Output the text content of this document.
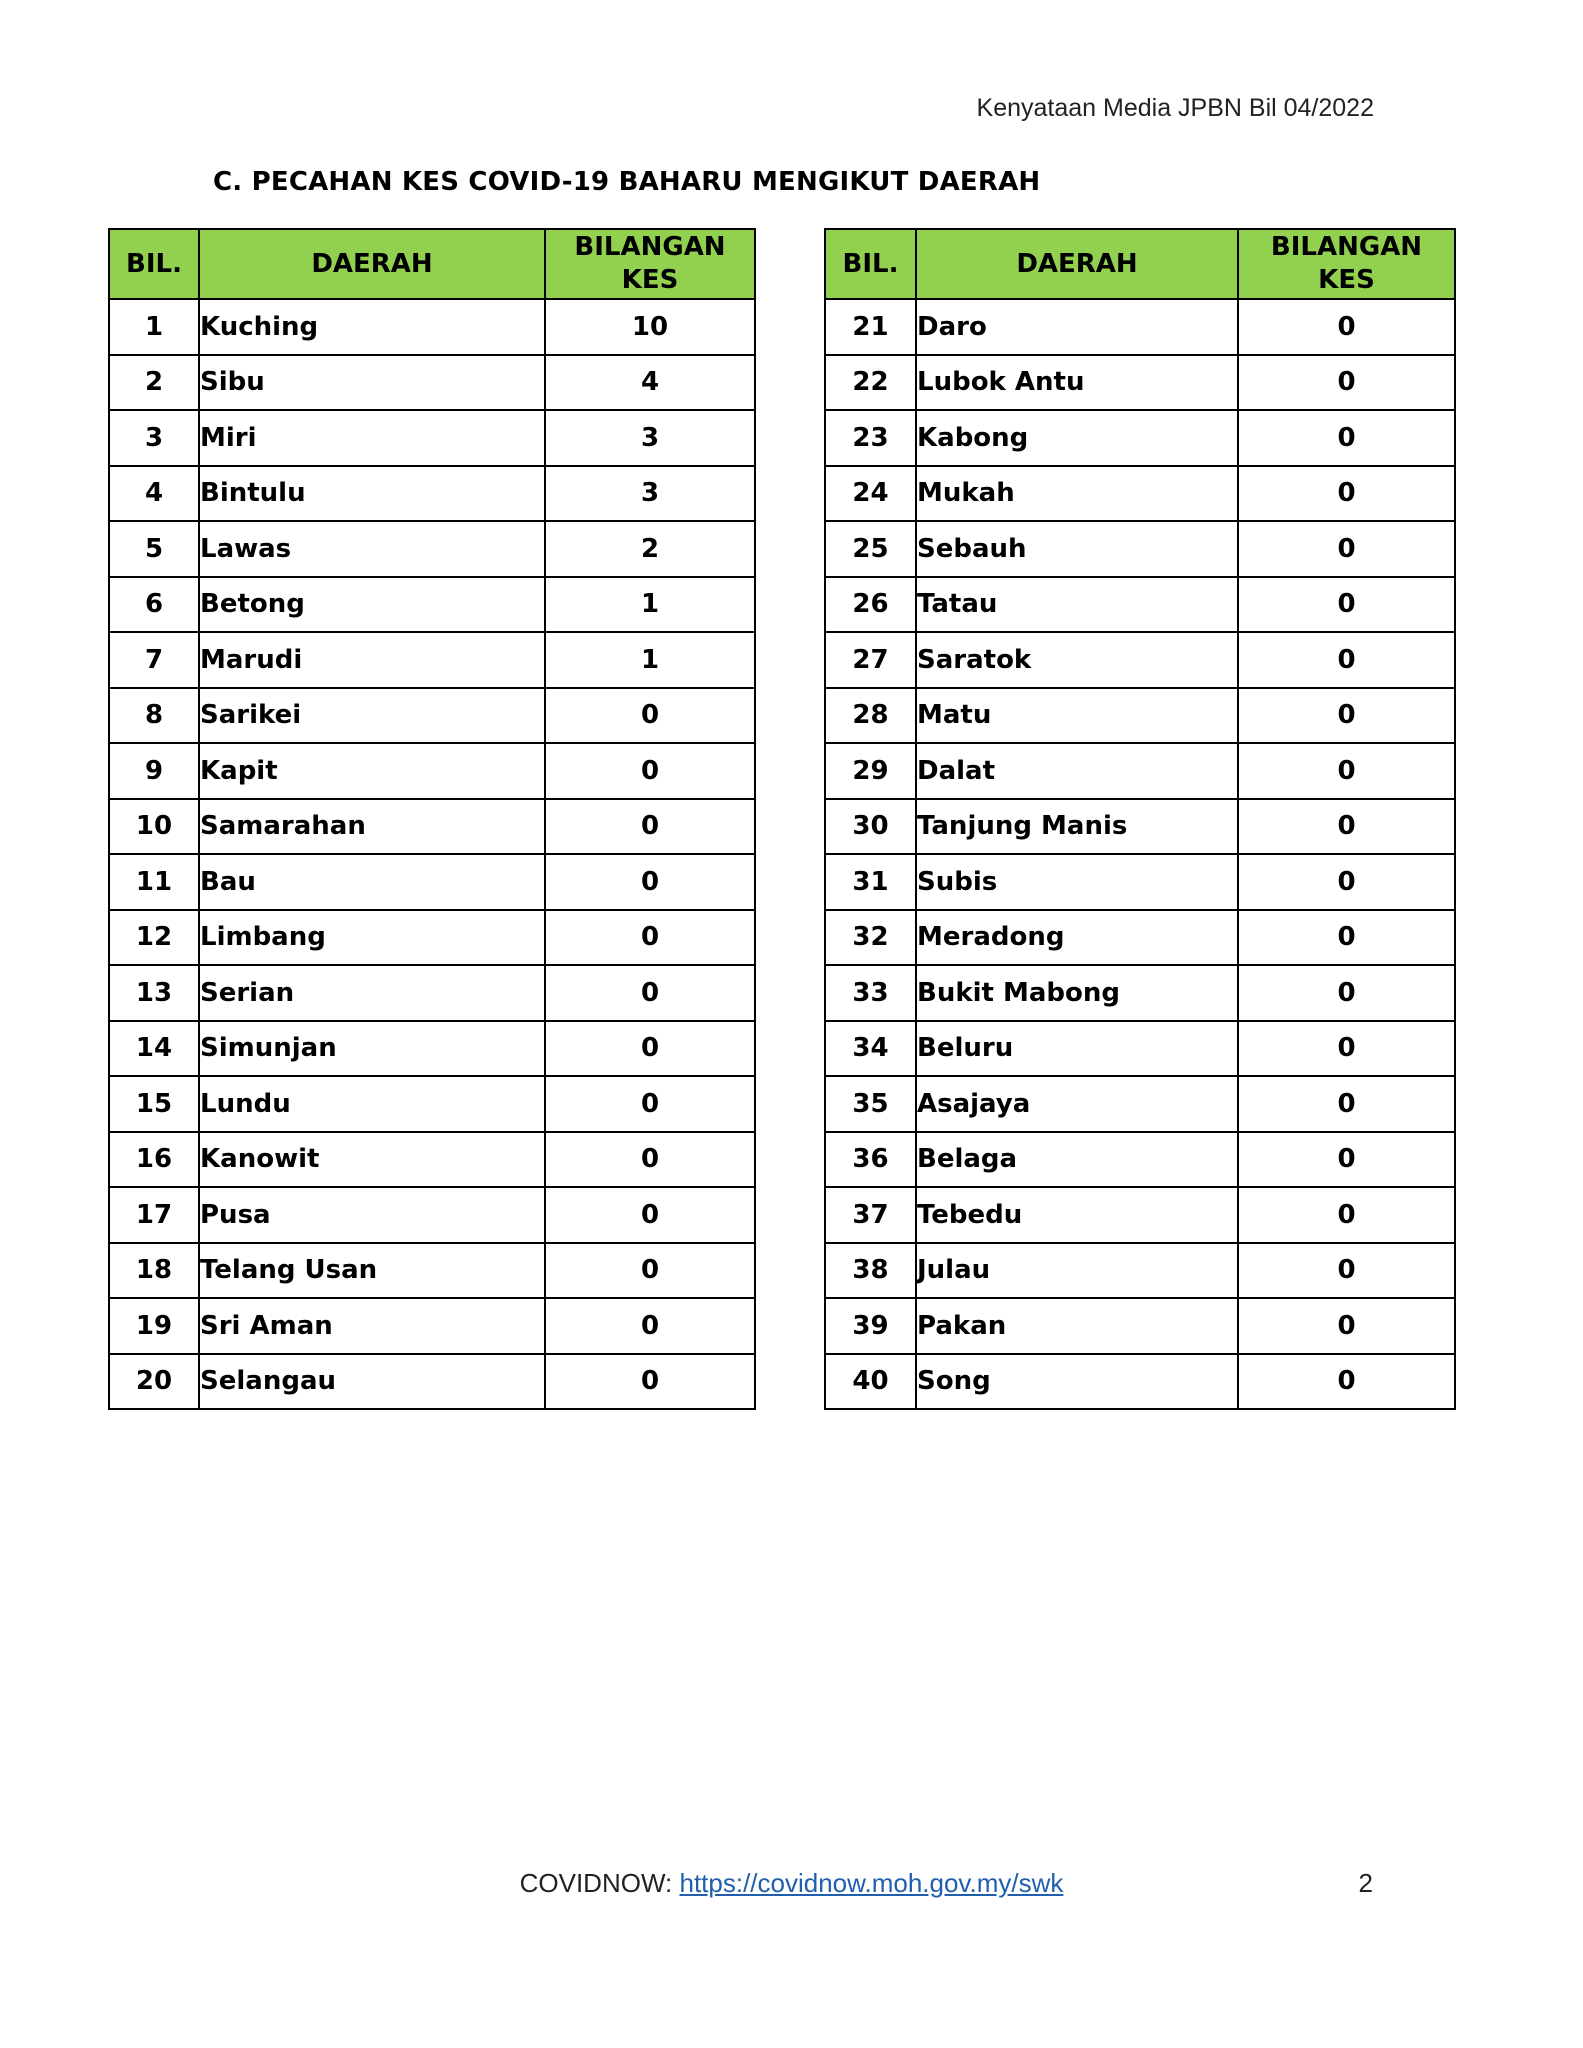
Kenyataan Media JPBN Bil 04/2022
C. PECAHAN KES COVID-19 BAHARU MENGIKUT DAERAH
BIL.	DAERAH	BILANGAN
KES
1	Kuching	10
2	Sibu	4
3	Miri	3
4	Bintulu	3
5	Lawas	2
6	Betong	1
7	Marudi	1
8	Sarikei	0
9	Kapit	0
10	Samarahan	0
11	Bau	0
12	Limbang	0
13	Serian	0
14	Simunjan	0
15	Lundu	0
16	Kanowit	0
17	Pusa	0
18	Telang Usan	0
19	Sri Aman	0
20	Selangau	0
BIL.	DAERAH	BILANGAN
KES
21	Daro	0
22	Lubok Antu	0
23	Kabong	0
24	Mukah	0
25	Sebauh	0
26	Tatau	0
27	Saratok	0
28	Matu	0
29	Dalat	0
30	Tanjung Manis	0
31	Subis	0
32	Meradong	0
33	Bukit Mabong	0
34	Beluru	0
35	Asajaya	0
36	Belaga	0
37	Tebedu	0
38	Julau	0
39	Pakan	0
40	Song	0
COVIDNOW: https://covidnow.moh.gov.my/swk	2
